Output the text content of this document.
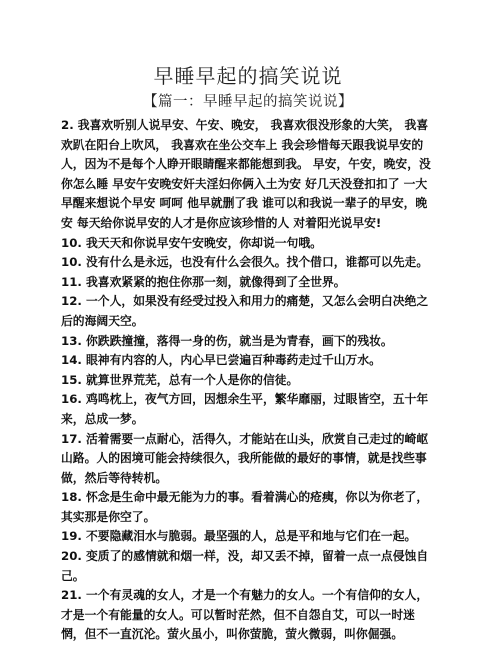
早睡早起的搞笑说说
【篇一：早睡早起的搞笑说说】

2. 我喜欢听别人说早安、午安、晚安， 我喜欢很没形象的大笑， 我喜欢趴在阳台上吹风， 我喜欢在坐公交车上 我会珍惜每天跟我说早安的人，因为不是每个人睁开眼睛醒来都能想到我。 早安，午安，晚安，没你怎么睡 早安午安晚安奸夫淫妇你俩入土为安 好几天没登扣扣了 一大早醒来想说个早安 呵呵 他早就删了我 谁可以和我说一辈子的早安，晚安 每天给你说早安的人才是你应该珍惜的人 对着阳光说早安!

10. 我天天和你说早安午安晚安，你却说一句哦。

10. 没有什么是永远，也没有什么会很久。找个借口，谁都可以先走。

11. 我喜欢紧紧的抱住你那一刻，就像得到了全世界。

12. 一个人，如果没有经受过投入和用力的痛楚，又怎么会明白决绝之后的海阔天空。

13. 你跌跌撞撞，落得一身的伤，就当是为青春，画下的残妆。

14. 眼神有内容的人，内心早已尝遍百种毒药走过千山万水。

15. 就算世界荒芜，总有一个人是你的信徒。

16. 鸡鸣枕上，夜气方回，因想余生平，繁华靡丽，过眼皆空，五十年来，总成一梦。

17. 活着需要一点耐心，活得久，才能站在山头，欣赏自己走过的崎岖山路。人的困境可能会持续很久，我所能做的最好的事情，就是找些事做，然后等待转机。

18. 怀念是生命中最无能为力的事。看着满心的疮痍，你以为你老了，其实那是你空了。

19. 不要隐藏泪水与脆弱。最坚强的人，总是平和地与它们在一起。

20. 变质了的感情就和烟一样，没，却又丢不掉，留着一点一点侵蚀自己。

21. 一个有灵魂的女人，才是一个有魅力的女人。一个有信仰的女人，才是一个有能量的女人。可以暂时茫然，但不自怨自艾，可以一时迷惘，但不一直沉沦。萤火虽小，叫你萤脆，萤火微弱，叫你倔强。
